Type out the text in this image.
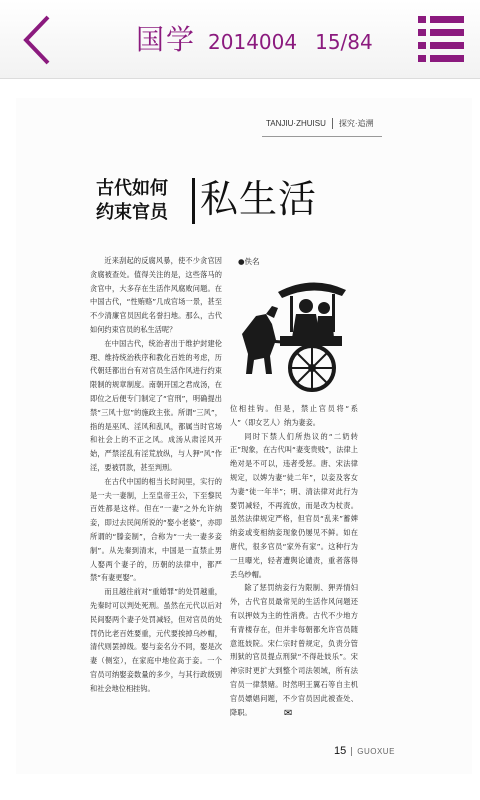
国学 2014004 15/84
TANJIU·ZHUISU 探究·追溯
古代如何
约束官员 私生活

近来刮起的反腐风暴，使不少贪官因贪腐被查处。值得关注的是，这些落马的贪官中，大多存在生活作风腐败问题。在中国古代，“性贿赂”几成官场一景，甚至不少清廉官员因此名誉扫地。那么，古代如何约束官员的私生活呢？

在中国古代，统治者出于维护封建伦理、维持统治秩序和教化百姓的考虑，历代朝廷都出台有对官员生活作风进行约束限制的规章制度。南朝开国之君成汤，在即位之后便专门制定了“官刑”，明确提出禁“三风十愆”的施政主张。所谓“三风”，指的是巫风、淫风和乱风，都属当时官场和社会上的不正之风。成汤从肃淫风开始，严禁淫乱有淫荒放纵，与人狎“风”作淫，要被罚款，甚至判刑。

在古代中国的相当长时间里，实行的是一夫一妻制，上至皇帝王公，下至黎民百姓都是这样。但在“一妻”之外允许纳妾，即过去民间所说的“娶小老婆”，亦即所谓的“滕妾制”，合称为“一夫一妻多妾制”。从先秦到清末，中国是一直禁止男人娶两个妻子的，历朝的法律中，都严禁“有妻更娶”。

而且越往前对“重婚罪”的处罚越重，先秦时可以判处死刑。虽然在元代以后对民间娶两个妻子处罚减轻，但对官员的处罚仍比老百姓要重，元代要挨掉乌纱帽，清代则罢掉级。娶与妾名分不同，娶是次妻（侧室），在家庭中地位高于妾。一个官员可纳娶妾数量的多少，与其行政级别和社会地位相挂钩。

●佚名

位相挂钩。但是，禁止官员将“系人”（即女艺人）纳为妻妾。

同时下禁人们所热议的“二奶转正”现象，在古代叫“妻变贵贱”，法律上绝对是不可以，违者受惩。唐、宋法律规定，以婢为妻“徒二年”，以妾及客女为妻“徒一年半”；明、清法律对此行为要罚减轻，不再流放，而是改为杖责。虽然法律规定严格，但官员“乱来”蓄婢纳妾或变相纳妾现象仍屡见不鲜。如在唐代，很多官员“家外有家”。这种行为一旦曝光，轻者遭舆论谴责，重者落得丢乌纱帽。

除了惩罚纳妾行为限制、狎弄情妇外，古代官员最常见的生活作风问题还有以押妓为主的性消费。古代不少地方有青楼存在，但并非每朝都允许官员随意逛妓院。宋仁宗时曾规定，负责分管刑狱的官员提点刑狱“不得赴妓乐”。宋神宗时更扩大到整个司法领域，所有法官员一律禁赌。时然明王翼石等自主机官员嫖娼问题，不少官员因此被查处、降职。	✉
15 GUOXUE
